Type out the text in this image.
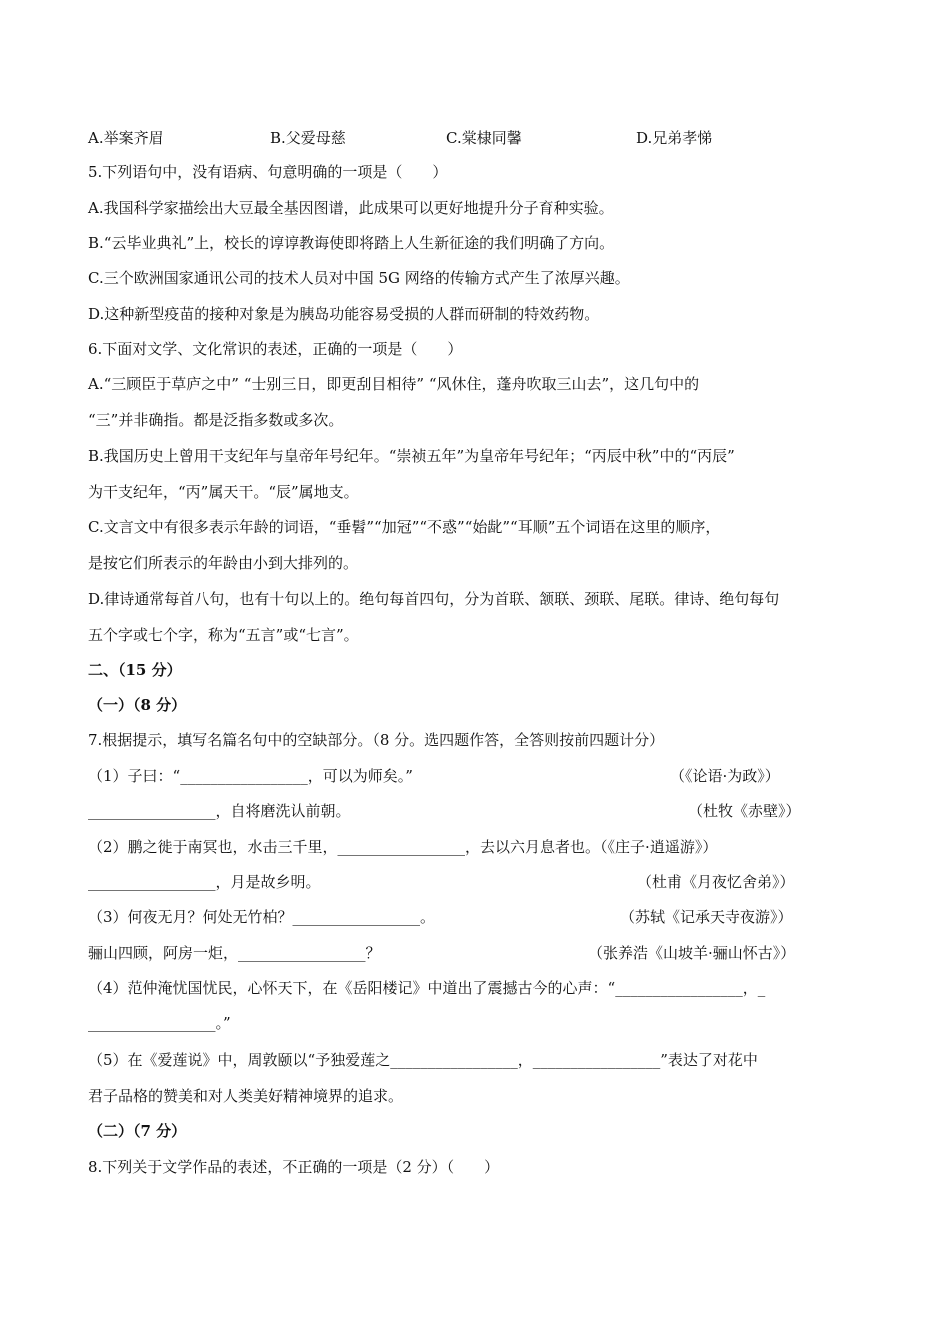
A.举案齐眉	B.父爱母慈	C.棠棣同馨	D.兄弟孝悌
5.下列语句中，没有语病、句意明确的一项是（　　）
A.我国科学家描绘出大豆最全基因图谱，此成果可以更好地提升分子育种实验。
B.“云毕业典礼”上，校长的谆谆教诲使即将踏上人生新征途的我们明确了方向。
C.三个欧洲国家通讯公司的技术人员对中国 5G 网络的传输方式产生了浓厚兴趣。
D.这种新型疫苗的接种对象是为胰岛功能容易受损的人群而研制的特效药物。
6.下面对文学、文化常识的表述，正确的一项是（　　）
A.“三顾臣于草庐之中” “士别三日，即更刮目相待” “风休住，蓬舟吹取三山去”，这几句中的
“三”并非确指。都是泛指多数或多次。
B.我国历史上曾用干支纪年与皇帝年号纪年。“崇祯五年”为皇帝年号纪年；“丙辰中秋”中的“丙辰”
为干支纪年，“丙”属天干。“辰”属地支。
C.文言文中有很多表示年龄的词语，“垂髫”“加冠”“不惑”“始龀”“耳顺”五个词语在这里的顺序，
是按它们所表示的年龄由小到大排列的。
D.律诗通常每首八句，也有十句以上的。绝句每首四句，分为首联、颔联、颈联、尾联。律诗、绝句每句
五个字或七个字，称为“五言”或“七言”。
二、（15 分）
（一）（8 分）
7.根据提示，填写名篇名句中的空缺部分。（8 分。选四题作答，全答则按前四题计分）
（1）子曰：“_________________，可以为师矣。”	（《论语·为政》）
_________________，自将磨洗认前朝。	（杜牧《赤壁》）
（2）鹏之徙于南冥也，水击三千里，_________________，去以六月息者也。（《庄子·逍遥游》）
_________________，月是故乡明。	（杜甫《月夜忆舍弟》）
（3）何夜无月？何处无竹柏？_________________。	（苏轼《记承天寺夜游》）
骊山四顾，阿房一炬，_________________？	（张养浩《山坡羊·骊山怀古》）
（4）范仲淹忧国忧民，心怀天下，在《岳阳楼记》中道出了震撼古今的心声：“_________________，_
_________________。”
（5）在《爱莲说》中，周敦颐以“予独爱莲之_________________，_________________”表达了对花中
君子品格的赞美和对人类美好精神境界的追求。
（二）（7 分）
8.下列关于文学作品的表述，不正确的一项是（2 分）（　　）
